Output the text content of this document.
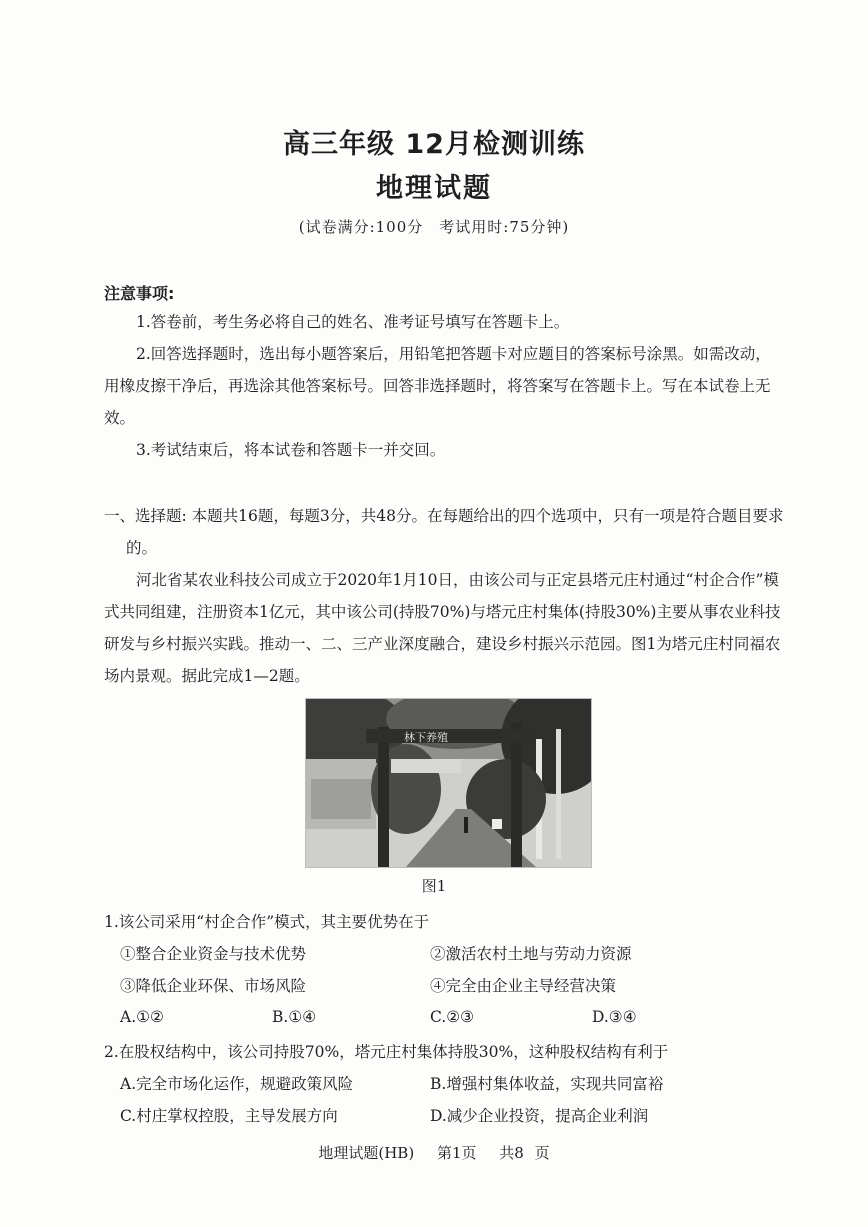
高三年级 12月检测训练
地理试题
(试卷满分:100分　考试用时:75分钟)
注意事项:

1.答卷前，考生务必将自己的姓名、准考证号填写在答题卡上。

2.回答选择题时，选出每小题答案后，用铅笔把答题卡对应题目的答案标号涂黑。如需改动，用橡皮擦干净后，再选涂其他答案标号。回答非选择题时，将答案写在答题卡上。写在本试卷上无效。

3.考试结束后，将本试卷和答题卡一并交回。

一、选择题: 本题共16题，每题3分，共48分。在每题给出的四个选项中，只有一项是符合题目要求的。

河北省某农业科技公司成立于2020年1月10日，由该公司与正定县塔元庄村通过“村企合作”模式共同组建，注册资本1亿元，其中该公司(持股70%)与塔元庄村集体(持股30%)主要从事农业科技研发与乡村振兴实践。推动一、二、三产业深度融合，建设乡村振兴示范园。图1为塔元庄村同福农场内景观。据此完成1—2题。

林下养殖
图1
1.该公司采用“村企合作”模式，其主要优势在于
①整合企业资金与技术优势	②激活农村土地与劳动力资源
③降低企业环保、市场风险	④完全由企业主导经营决策
A.①②	B.①④	C.②③	D.③④
2.在股权结构中，该公司持股70%，塔元庄村集体持股30%，这种股权结构有利于
A.完全市场化运作，规避政策风险	B.增强村集体收益，实现共同富裕
C.村庄掌权控股，主导发展方向	D.减少企业投资，提高企业利润
地理试题(HB) 第1页 共8 页
